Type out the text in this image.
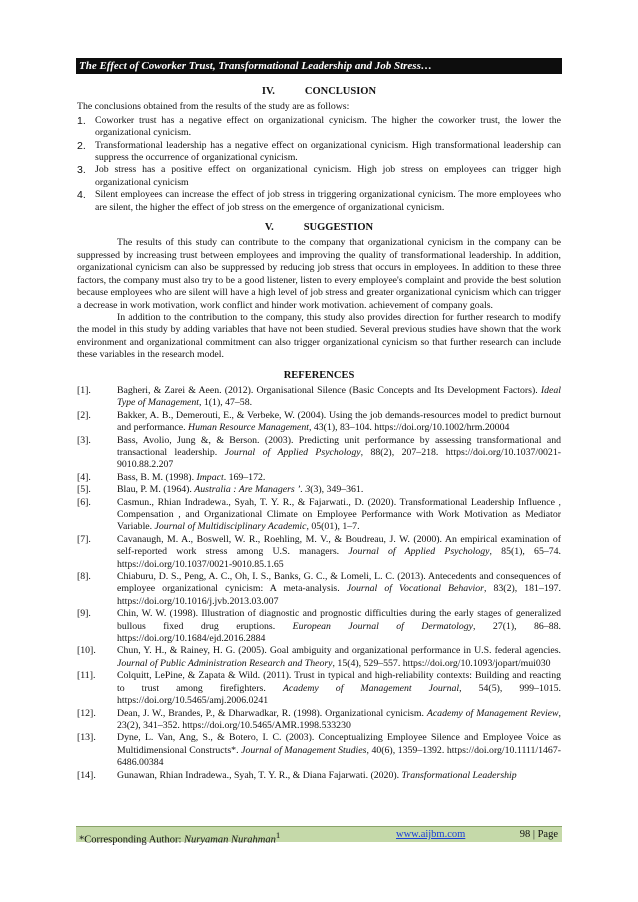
The Effect of Coworker Trust, Transformational Leadership and Job Stress…
IV.	CONCLUSION

The conclusions obtained from the results of the study are as follows:

1. Coworker trust has a negative effect on organizational cynicism. The higher the coworker trust, the lower the organizational cynicism.
2. Transformational leadership has a negative effect on organizational cynicism. High transformational leadership can suppress the occurrence of organizational cynicism.
3. Job stress has a positive effect on organizational cynicism. High job stress on employees can trigger high organizational cynicism
4. Silent employees can increase the effect of job stress in triggering organizational cynicism. The more employees who are silent, the higher the effect of job stress on the emergence of organizational cynicism.
V.	SUGGESTION

The results of this study can contribute to the company that organizational cynicism in the company can be suppressed by increasing trust between employees and improving the quality of transformational leadership. In addition, organizational cynicism can also be suppressed by reducing job stress that occurs in employees. In addition to these three factors, the company must also try to be a good listener, listen to every employee's complaint and provide the best solution because employees who are silent will have a high level of job stress and greater organizational cynicism which can trigger a decrease in work motivation, work conflict and hinder work motivation. achievement of company goals.

In addition to the contribution to the company, this study also provides direction for further research to modify the model in this study by adding variables that have not been studied. Several previous studies have shown that the work environment and organizational commitment can also trigger organizational cynicism so that further research can include these variables in the research model.

REFERENCES
[1].	Bagheri, & Zarei & Aeen. (2012). Organisational Silence (Basic Concepts and Its Development Factors). Ideal Type of Management, 1(1), 47–58.
[2].	Bakker, A. B., Demerouti, E., & Verbeke, W. (2004). Using the job demands-resources model to predict burnout and performance. Human Resource Management, 43(1), 83–104. https://doi.org/10.1002/hrm.20004
[3].	Bass, Avolio, Jung &, & Berson. (2003). Predicting unit performance by assessing transformational and transactional leadership. Journal of Applied Psychology, 88(2), 207–218. https://doi.org/10.1037/0021-9010.88.2.207
[4].	Bass, B. M. (1998). Impact. 169–172.
[5].	Blau, P. M. (1964). Australia : Are Managers ’. 3(3), 349–361.
[6].	Casmun., Rhian Indradewa., Syah, T. Y. R., & Fajarwati., D. (2020). Transformational Leadership Influence , Compensation , and Organizational Climate on Employee Performance with Work Motivation as Mediator Variable. Journal of Multidisciplinary Academic, 05(01), 1–7.
[7].	Cavanaugh, M. A., Boswell, W. R., Roehling, M. V., & Boudreau, J. W. (2000). An empirical examination of self-reported work stress among U.S. managers. Journal of Applied Psychology, 85(1), 65–74. https://doi.org/10.1037/0021-9010.85.1.65
[8].	Chiaburu, D. S., Peng, A. C., Oh, I. S., Banks, G. C., & Lomeli, L. C. (2013). Antecedents and consequences of employee organizational cynicism: A meta-analysis. Journal of Vocational Behavior, 83(2), 181–197. https://doi.org/10.1016/j.jvb.2013.03.007
[9].	Chin, W. W. (1998). Illustration of diagnostic and prognostic difficulties during the early stages of generalized bullous fixed drug eruptions. European Journal of Dermatology, 27(1), 86–88. https://doi.org/10.1684/ejd.2016.2884
[10]. Chun, Y. H., & Rainey, H. G. (2005). Goal ambiguity and organizational performance in U.S. federal agencies. Journal of Public Administration Research and Theory, 15(4), 529–557. https://doi.org/10.1093/jopart/mui030
[11]. Colquitt, LePine, & Zapata & Wild. (2011). Trust in typical and high-reliability contexts: Building and reacting to trust among firefighters. Academy of Management Journal, 54(5), 999–1015. https://doi.org/10.5465/amj.2006.0241
[12]. Dean, J. W., Brandes, P., & Dharwadkar, R. (1998). Organizational cynicism. Academy of Management Review, 23(2), 341–352. https://doi.org/10.5465/AMR.1998.533230
[13]. Dyne, L. Van, Ang, S., & Botero, I. C. (2003). Conceptualizing Employee Silence and Employee Voice as Multidimensional Constructs*. Journal of Management Studies, 40(6), 1359–1392. https://doi.org/10.1111/1467-6486.00384
[14]. Gunawan, Rhian Indradewa., Syah, T. Y. R., & Diana Fajarwati. (2020). Transformational Leadership
*Corresponding Author: Nuryaman Nurahman$^1$	www.aijbm.com	98 | Page
